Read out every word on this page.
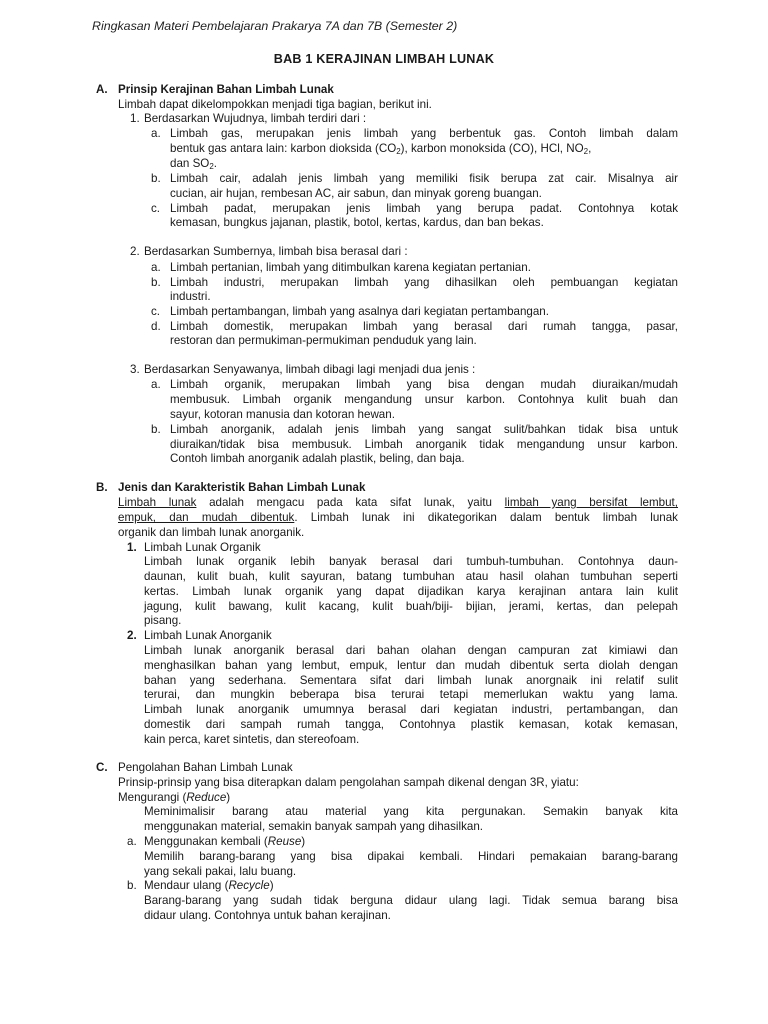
Ringkasan Materi Pembelajaran Prakarya 7A dan 7B (Semester 2)
BAB 1 KERAJINAN LIMBAH LUNAK
A. Prinsip Kerajinan Bahan Limbah Lunak
Limbah dapat dikelompokkan menjadi tiga bagian, berikut ini.
1. Berdasarkan Wujudnya, limbah terdiri dari :
a. Limbah gas, merupakan jenis limbah yang berbentuk gas. Contoh limbah dalam
bentuk gas antara lain: karbon dioksida $(CO_2)$, karbon monoksida (CO), HCl, $NO_2$,
dan $SO_2$.
b. Limbah cair, adalah jenis limbah yang memiliki fisik berupa zat cair. Misalnya air
cucian, air hujan, rembesan AC, air sabun, dan minyak goreng buangan.
c. Limbah padat, merupakan jenis limbah yang berupa padat. Contohnya kotak
kemasan, bungkus jajanan, plastik, botol, kertas, kardus, dan ban bekas.
2. Berdasarkan Sumbernya, limbah bisa berasal dari :
a. Limbah pertanian, limbah yang ditimbulkan karena kegiatan pertanian.
b. Limbah industri, merupakan limbah yang dihasilkan oleh pembuangan kegiatan
industri.
c. Limbah pertambangan, limbah yang asalnya dari kegiatan pertambangan.
d. Limbah domestik, merupakan limbah yang berasal dari rumah tangga, pasar,
restoran dan permukiman-permukiman penduduk yang lain.
3. Berdasarkan Senyawanya, limbah dibagi lagi menjadi dua jenis :
a. Limbah organik, merupakan limbah yang bisa dengan mudah diuraikan/mudah
membusuk. Limbah organik mengandung unsur karbon. Contohnya kulit buah dan
sayur, kotoran manusia dan kotoran hewan.
b. Limbah anorganik, adalah jenis limbah yang sangat sulit/bahkan tidak bisa untuk
diuraikan/tidak bisa membusuk. Limbah anorganik tidak mengandung unsur karbon.
Contoh limbah anorganik adalah plastik, beling, dan baja.
B. Jenis dan Karakteristik Bahan Limbah Lunak
Limbah lunak adalah mengacu pada kata sifat lunak, yaitu limbah yang bersifat lembut,
empuk, dan mudah dibentuk. Limbah lunak ini dikategorikan dalam bentuk limbah lunak
organik dan limbah lunak anorganik.
1. Limbah Lunak Organik
Limbah lunak organik lebih banyak berasal dari tumbuh-tumbuhan. Contohnya daun-
daunan, kulit buah, kulit sayuran, batang tumbuhan atau hasil olahan tumbuhan seperti
kertas. Limbah lunak organik yang dapat dijadikan karya kerajinan antara lain kulit
jagung, kulit bawang, kulit kacang, kulit buah/biji- bijian, jerami, kertas, dan pelepah
pisang.
2. Limbah Lunak Anorganik
Limbah lunak anorganik berasal dari bahan olahan dengan campuran zat kimiawi dan
menghasilkan bahan yang lembut, empuk, lentur dan mudah dibentuk serta diolah dengan
bahan yang sederhana. Sementara sifat dari limbah lunak anorgnaik ini relatif sulit
terurai, dan mungkin beberapa bisa terurai tetapi memerlukan waktu yang lama.
Limbah lunak anorganik umumnya berasal dari kegiatan industri, pertambangan, dan
domestik dari sampah rumah tangga, Contohnya plastik kemasan, kotak kemasan,
kain perca, karet sintetis, dan stereofoam.
C. Pengolahan Bahan Limbah Lunak
Prinsip-prinsip yang bisa diterapkan dalam pengolahan sampah dikenal dengan 3R, yiatu:
Mengurangi (Reduce)
Meminimalisir barang atau material yang kita pergunakan. Semakin banyak kita
menggunakan material, semakin banyak sampah yang dihasilkan.
a. Menggunakan kembali (Reuse)
Memilih barang-barang yang bisa dipakai kembali. Hindari pemakaian barang-barang
yang sekali pakai, lalu buang.
b. Mendaur ulang (Recycle)
Barang-barang yang sudah tidak berguna didaur ulang lagi. Tidak semua barang bisa
didaur ulang. Contohnya untuk bahan kerajinan.
